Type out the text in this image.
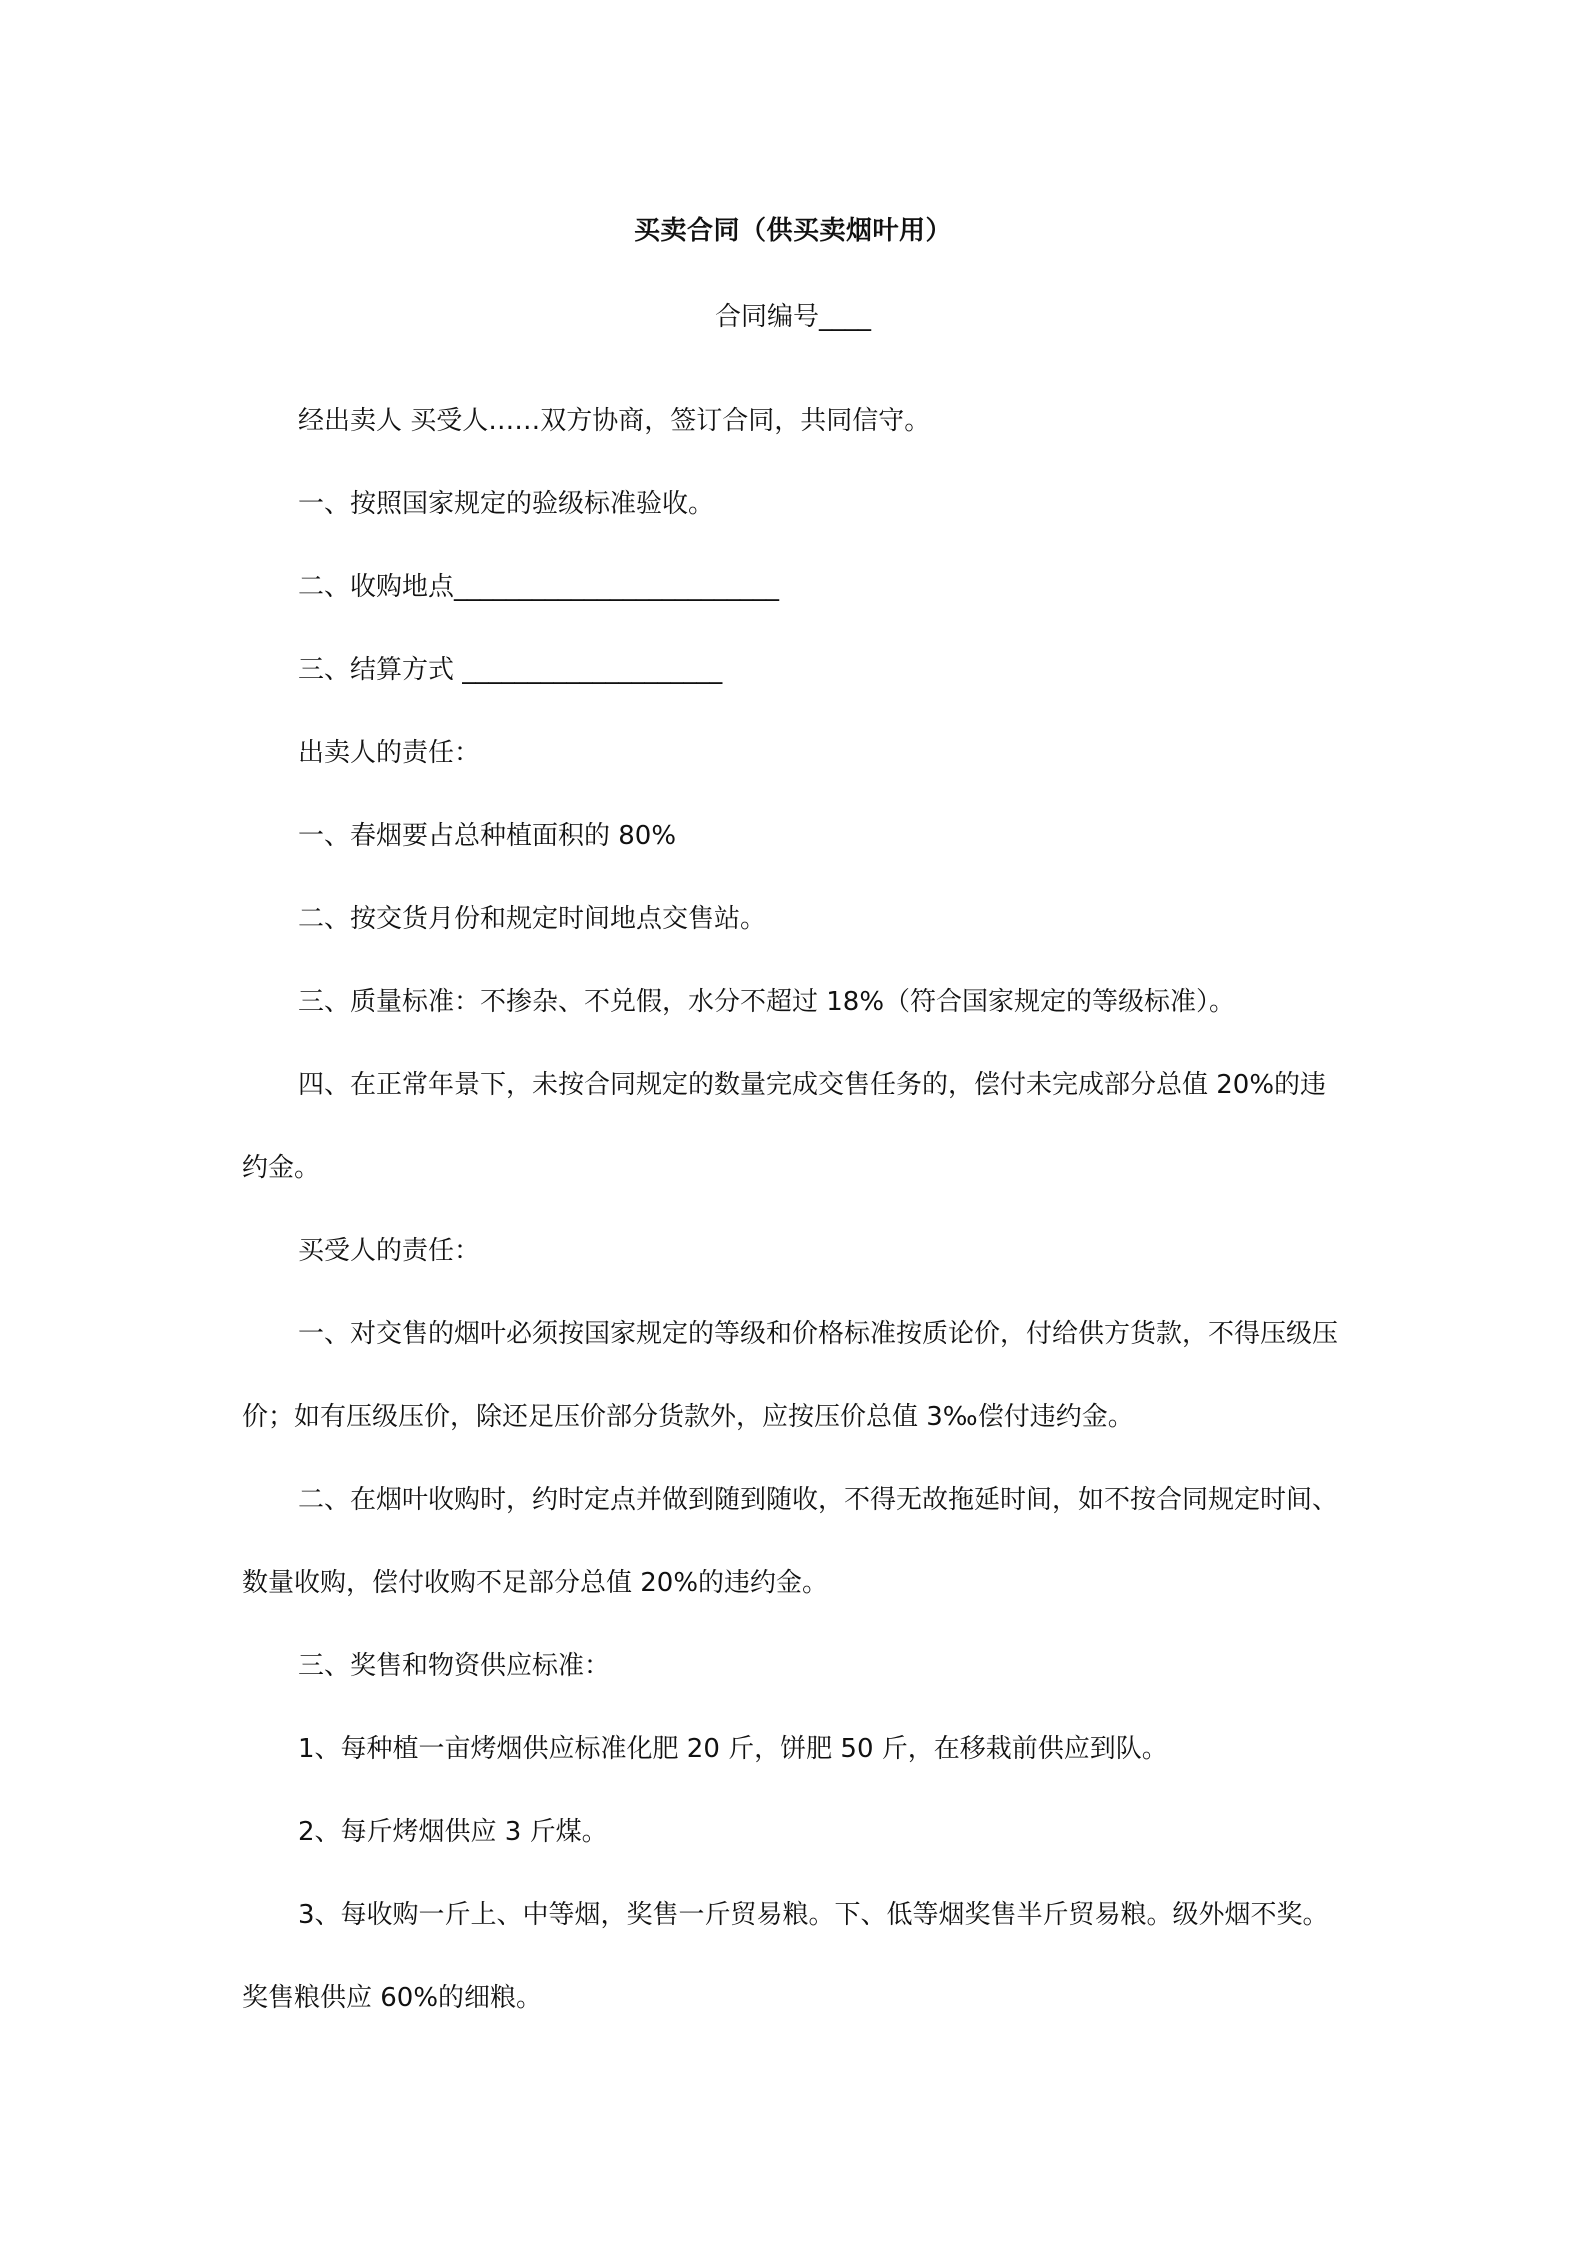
买卖合同（供买卖烟叶用）
合同编号____

经出卖人 买受人……双方协商，签订合同，共同信守。

一、按照国家规定的验级标准验收。

二、收购地点_________________________

三、结算方式 ____________________

出卖人的责任：

一、春烟要占总种植面积的 80%

二、按交货月份和规定时间地点交售站。

三、质量标准：不掺杂、不兑假，水分不超过 18%（符合国家规定的等级标准）。

四、在正常年景下，未按合同规定的数量完成交售任务的，偿付未完成部分总值 20%的违约金。

买受人的责任：

一、对交售的烟叶必须按国家规定的等级和价格标准按质论价，付给供方货款，不得压级压价；如有压级压价，除还足压价部分货款外，应按压价总值 3‰偿付违约金。

二、在烟叶收购时，约时定点并做到随到随收，不得无故拖延时间，如不按合同规定时间、数量收购，偿付收购不足部分总值 20%的违约金。

三、奖售和物资供应标准：

1、每种植一亩烤烟供应标准化肥 20 斤，饼肥 50 斤，在移栽前供应到队。

2、每斤烤烟供应 3 斤煤。

3、每收购一斤上、中等烟，奖售一斤贸易粮。下、低等烟奖售半斤贸易粮。级外烟不奖。奖售粮供应 60%的细粮。
